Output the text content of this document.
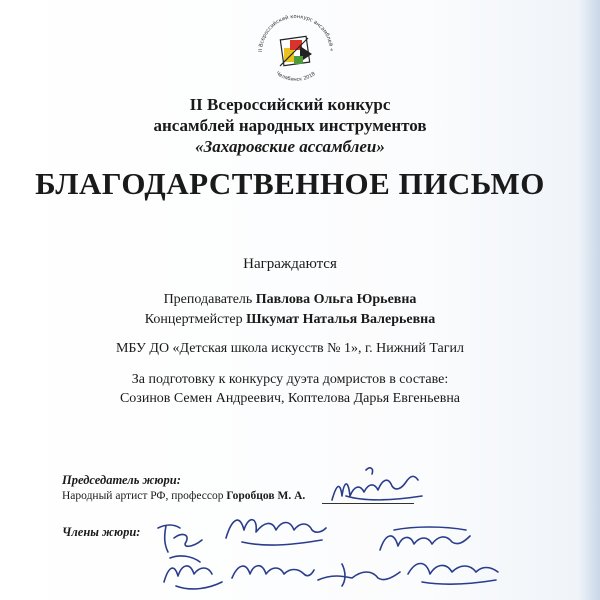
II Всероссийский конкурс ансамблей «
Челябинск 2018
II Всероссийский конкурс
ансамблей народных инструментов
«Захаровские ассамблеи»
БЛАГОДАРСТВЕННОЕ ПИСЬМО
Награждаются
Преподаватель Павлова Ольга Юрьевна
Концертмейстер Шкумат Наталья Валерьевна
МБУ ДО «Детская школа искусств № 1», г. Нижний Тагил
За подготовку к конкурсу дуэта домристов в составе:
Созинов Семен Андреевич, Коптелова Дарья Евгеньевна
Председатель жюри:
Народный артист РФ, профессор Горобцов М. А.
Члены жюри:
